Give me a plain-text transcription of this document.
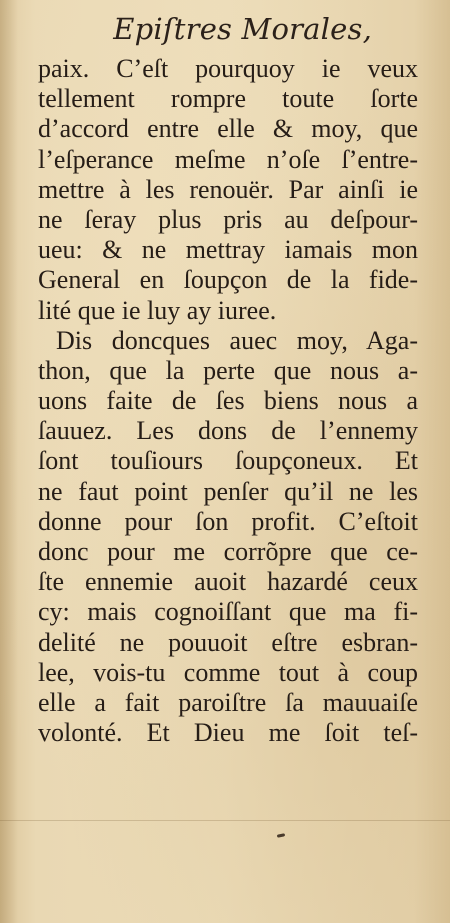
Epiſtres Morales,
paix. C’eſt pourquoy ie veux
tellement rompre toute ſorte
d’accord entre elle & moy, que
l’eſperance meſme n’oſe ſ’entre-
mettre à les renouër. Par ainſi ie
ne ſeray plus pris au deſpour-
ueu: & ne mettray iamais mon
General en ſoupçon de la fide-
lité que ie luy ay iuree.
Dis doncques auec moy, Aga-
thon, que la perte que nous a-
uons faite de ſes biens nous a
ſauuez. Les dons de l’ennemy
ſont touſiours ſoupçoneux. Et
ne faut point penſer qu’il ne les
donne pour ſon profit. C’eſtoit
donc pour me corrõpre que ce-
ſte ennemie auoit hazardé ceux
cy: mais cognoiſſant que ma fi-
delité ne pouuoit eſtre esbran-
lee, vois-tu comme tout à coup
elle a fait paroiſtre ſa mauuaiſe
volonté. Et Dieu me ſoit teſ-
